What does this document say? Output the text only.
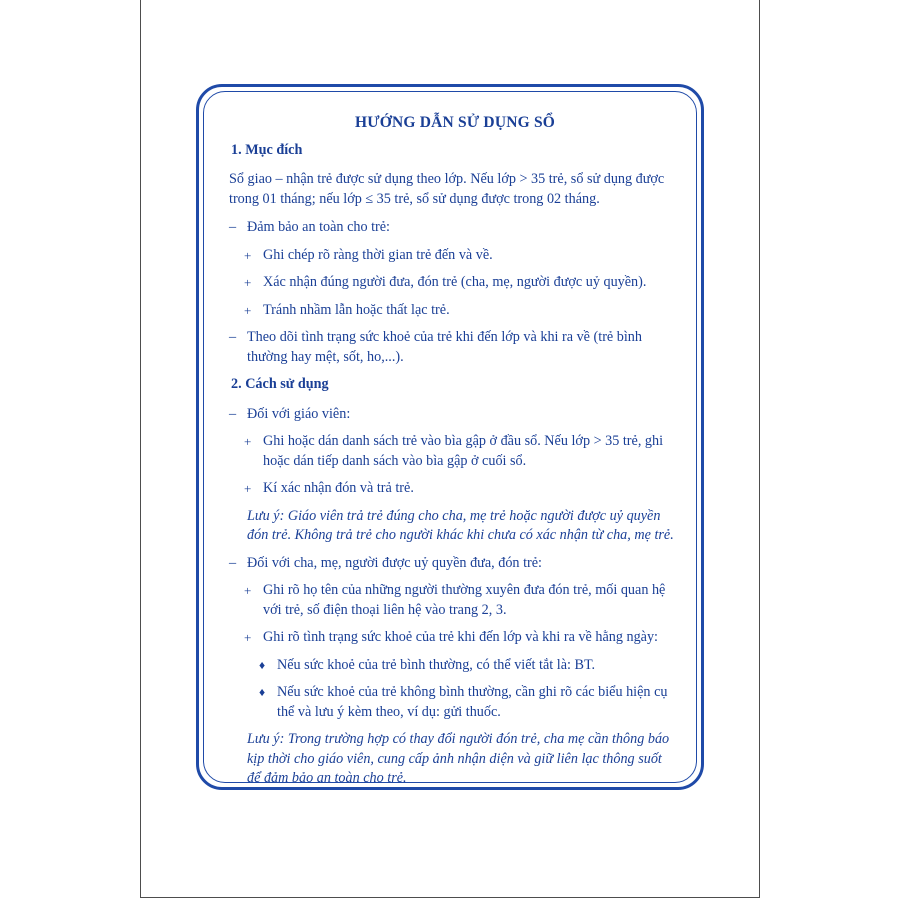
HƯỚNG DẪN SỬ DỤNG SỔ
1. Mục đích
Sổ giao – nhận trẻ được sử dụng theo lớp. Nếu lớp > 35 trẻ, sổ sử dụng được trong 01 tháng; nếu lớp ≤ 35 trẻ, sổ sử dụng được trong 02 tháng.
– Đảm bảo an toàn cho trẻ:
+ Ghi chép rõ ràng thời gian trẻ đến và về.
+ Xác nhận đúng người đưa, đón trẻ (cha, mẹ, người được uỷ quyền).
+ Tránh nhầm lẫn hoặc thất lạc trẻ.
– Theo dõi tình trạng sức khoẻ của trẻ khi đến lớp và khi ra về (trẻ bình thường hay mệt, sốt, ho,...).
2. Cách sử dụng
– Đối với giáo viên:
+ Ghi hoặc dán danh sách trẻ vào bìa gập ở đầu sổ. Nếu lớp > 35 trẻ, ghi hoặc dán tiếp danh sách vào bìa gập ở cuối sổ.
+ Kí xác nhận đón và trả trẻ.
Lưu ý: Giáo viên trả trẻ đúng cho cha, mẹ trẻ hoặc người được uỷ quyền đón trẻ. Không trả trẻ cho người khác khi chưa có xác nhận từ cha, mẹ trẻ.
– Đối với cha, mẹ, người được uỷ quyền đưa, đón trẻ:
+ Ghi rõ họ tên của những người thường xuyên đưa đón trẻ, mối quan hệ với trẻ, số điện thoại liên hệ vào trang 2, 3.
+ Ghi rõ tình trạng sức khoẻ của trẻ khi đến lớp và khi ra về hằng ngày:
♦ Nếu sức khoẻ của trẻ bình thường, có thể viết tắt là: BT.
♦ Nếu sức khoẻ của trẻ không bình thường, cần ghi rõ các biểu hiện cụ thể và lưu ý kèm theo, ví dụ: gửi thuốc.
Lưu ý: Trong trường hợp có thay đổi người đón trẻ, cha mẹ cần thông báo kịp thời cho giáo viên, cung cấp ảnh nhận diện và giữ liên lạc thông suốt để đảm bảo an toàn cho trẻ.
